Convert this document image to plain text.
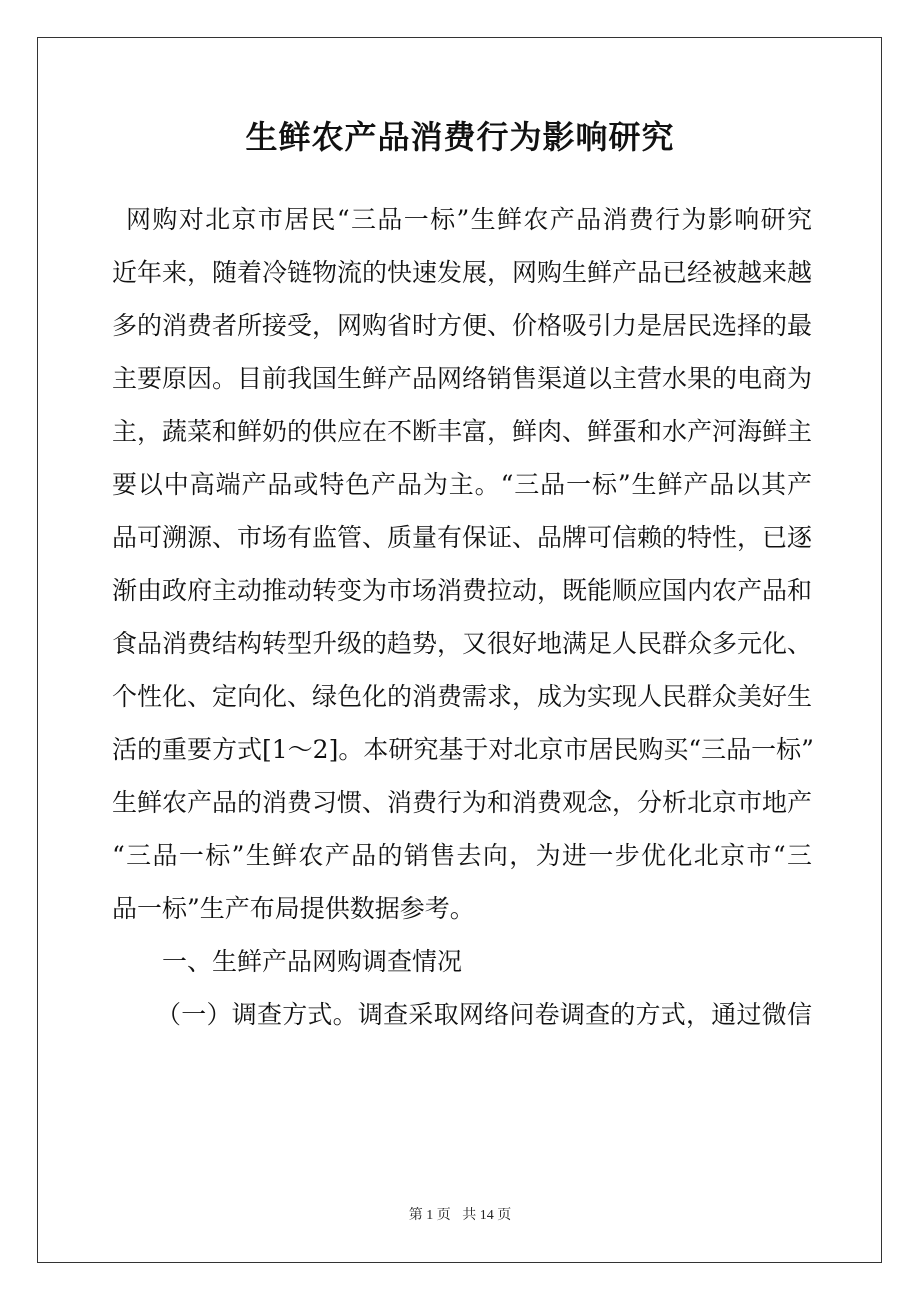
生鲜农产品消费行为影响研究
网购对北京市居民“三品一标”生鲜农产品消费行为影响研究
近年来，随着冷链物流的快速发展，网购生鲜产品已经被越来越
多的消费者所接受，网购省时方便、价格吸引力是居民选择的最
主要原因。目前我国生鲜产品网络销售渠道以主营水果的电商为
主，蔬菜和鲜奶的供应在不断丰富，鲜肉、鲜蛋和水产河海鲜主
要以中高端产品或特色产品为主。“三品一标”生鲜产品以其产
品可溯源、市场有监管、质量有保证、品牌可信赖的特性，已逐
渐由政府主动推动转变为市场消费拉动，既能顺应国内农产品和
食品消费结构转型升级的趋势，又很好地满足人民群众多元化、
个性化、定向化、绿色化的消费需求，成为实现人民群众美好生
活的重要方式[1～2]。本研究基于对北京市居民购买“三品一标”
生鲜农产品的消费习惯、消费行为和消费观念，分析北京市地产
“三品一标”生鲜农产品的销售去向，为进一步优化北京市“三
品一标”生产布局提供数据参考。
一、生鲜产品网购调查情况
（一）调查方式。调查采取网络问卷调查的方式，通过微信
第 1 页 共 14 页
